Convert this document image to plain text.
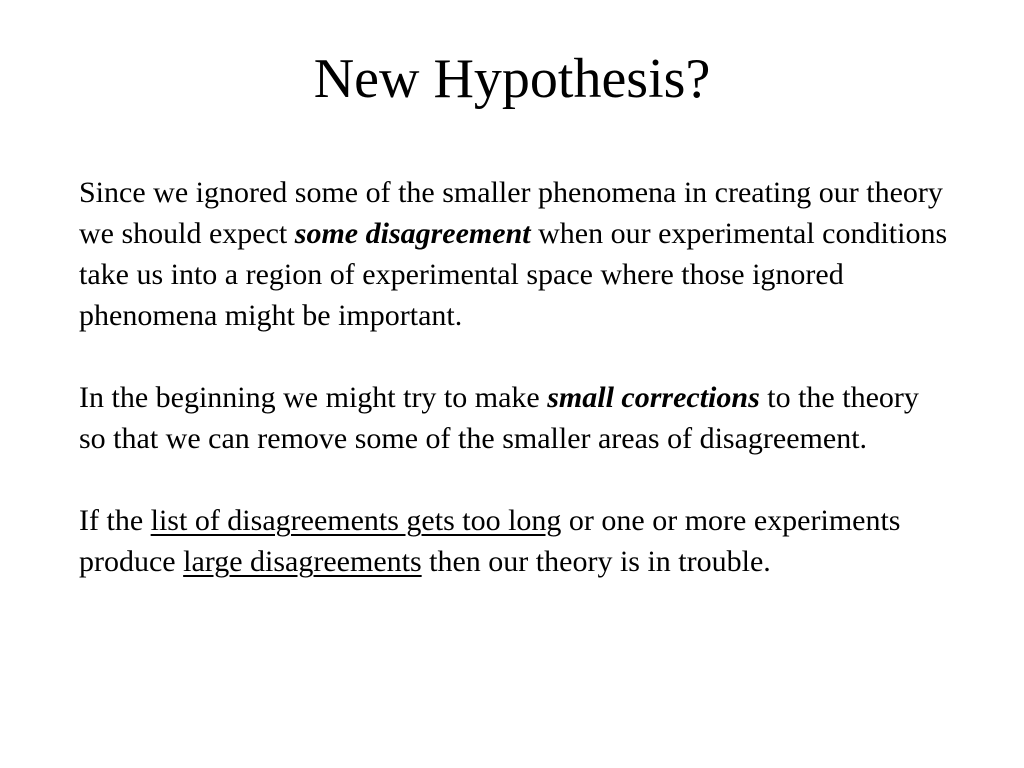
New Hypothesis?

Since we ignored some of the smaller phenomena in creating our theory we should expect some disagreement when our experimental conditions take us into a region of experimental space where those ignored phenomena might be important.

In the beginning we might try to make small corrections to the theory so that we can remove some of the smaller areas of disagreement.

If the list of disagreements gets too long or one or more experiments produce large disagreements then our theory is in trouble.
